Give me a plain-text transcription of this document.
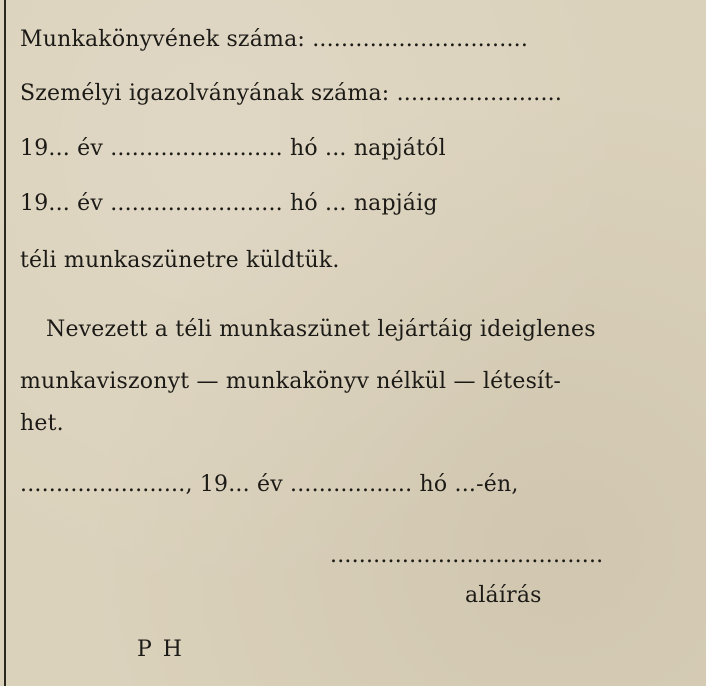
Munkakönyvének száma: ..............................
Személyi igazolványának száma: .......................
19... év ........................ hó ... napjától
19... év ........................ hó ... napjáig
téli munkaszünetre küldtük.
Nevezett a téli munkaszünet lejártáig ideiglenes
munkaviszonyt — munkakönyv nélkül — létesít-
het.
......................., 19... év ................. hó ...-én,
......................................
aláírás
P H
